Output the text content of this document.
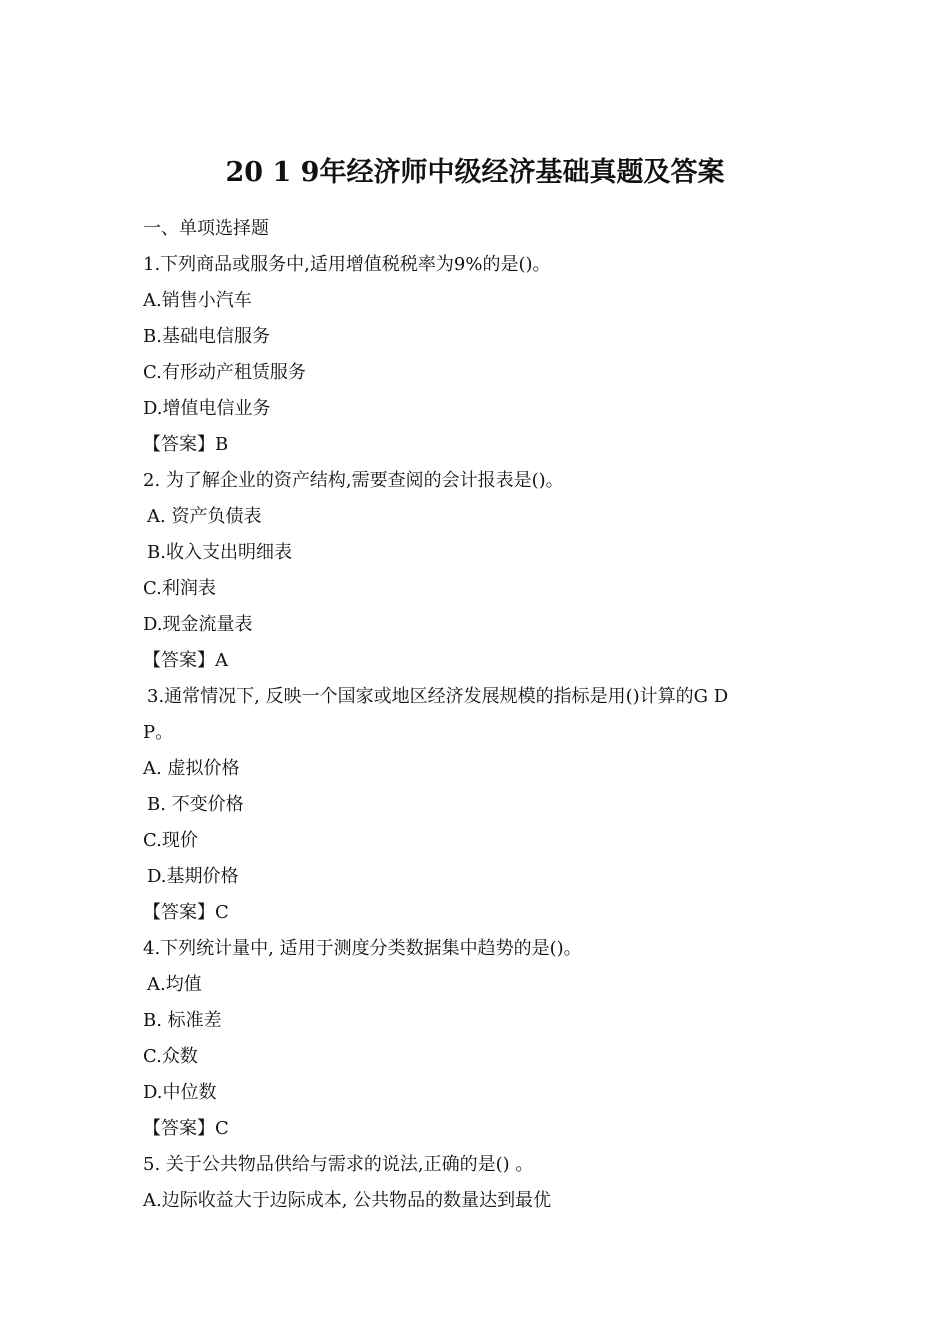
20 1 9年经济师中级经济基础真题及答案
一、单项选择题
1.下列商品或服务中,适用增值税税率为9%的是()。
A.销售小汽车
B.基础电信服务
C.有形动产租赁服务
D.增值电信业务
【答案】B
2. 为了解企业的资产结构,需要查阅的会计报表是()。
A. 资产负债表
B.收入支出明细表
C.利润表
D.现金流量表
【答案】A
3.通常情况下, 反映一个国家或地区经济发展规模的指标是用()计算的G D
P。
A. 虚拟价格
B. 不变价格
C.现价
D.基期价格
【答案】C
4.下列统计量中, 适用于测度分类数据集中趋势的是()。
A.均值
B. 标准差
C.众数
D.中位数
【答案】C
5. 关于公共物品供给与需求的说法,正确的是() 。
A.边际收益大于边际成本, 公共物品的数量达到最优
